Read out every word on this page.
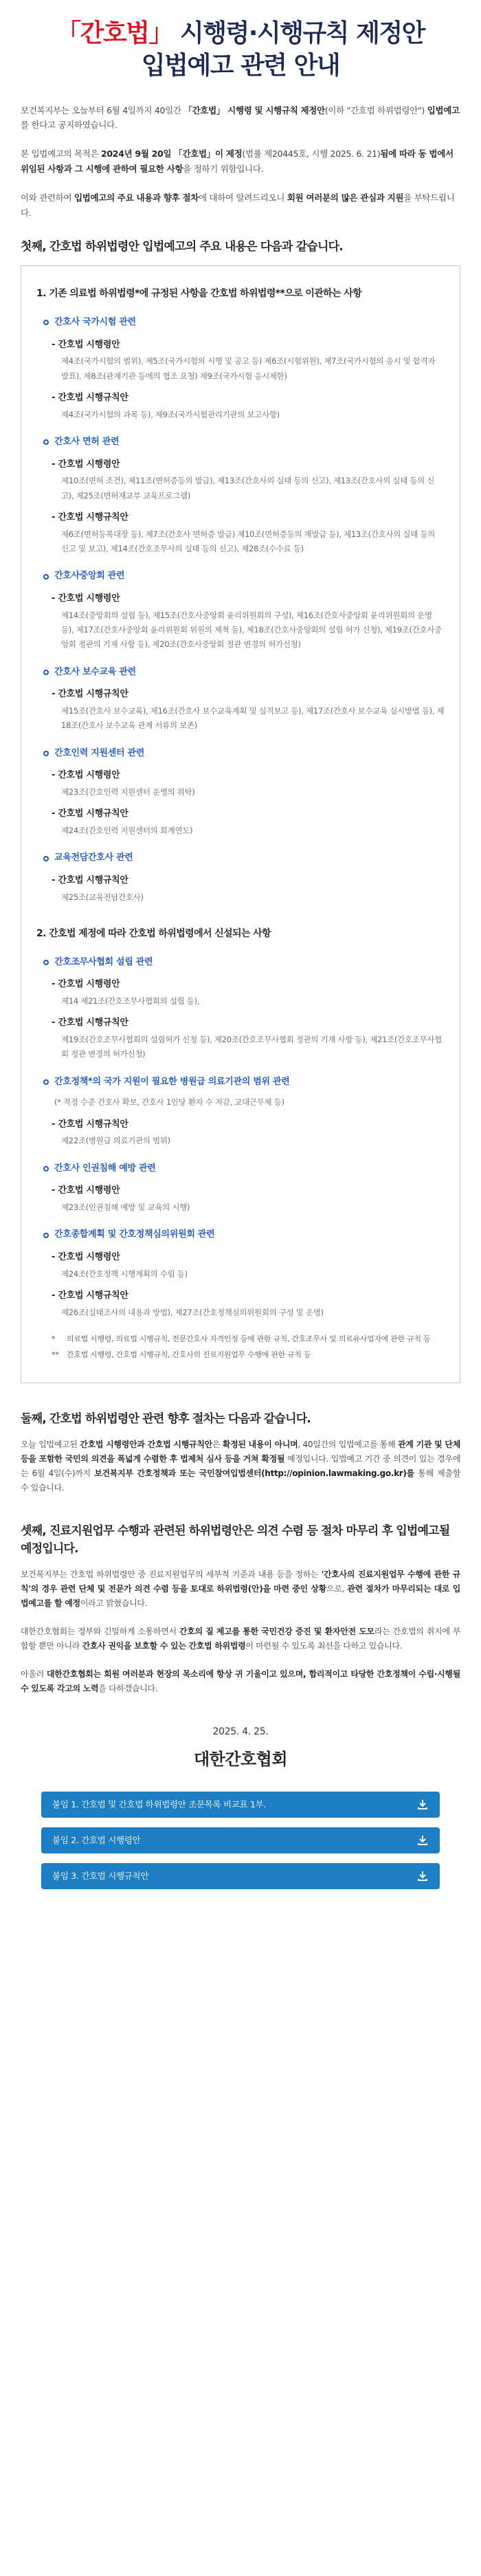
「간호법」 시행령·시행규칙 제정안
입법예고 관련 안내

보건복지부는 오늘부터 6월 4일까지 40일간 「간호법」 시행령 및 시행규칙 제정안(이하 "간호법 하위법령안") 입법예고를 한다고 공지하였습니다.

본 입법예고의 목적은 2024년 9월 20일 「간호법」이 제정(법률 제20445호, 시행 2025. 6. 21)됨에 따라 동 법에서 위임된 사항과 그 시행에 관하여 필요한 사항을 정하기 위함입니다.

이와 관련하여 입법예고의 주요 내용과 향후 절차에 대하여 알려드리오니 회원 여러분의 많은 관심과 지원을 부탁드립니다.

첫째, 간호법 하위법령안 입법예고의 주요 내용은 다음과 같습니다.
1. 기존 의료법 하위법령*에 규정된 사항을 간호법 하위법령**으로 이관하는 사항
간호사 국가시험 관련
- 간호법 시행령안
제4조(국가시험의 범위), 제5조(국가시험의 시행 및 공고 등) 제6조(시험위원), 제7조(국가시험의 응시 및 합격자 발표), 제8조(관계기관 등에의 협조 요청) 제9조(국가시험 응시제한)
- 간호법 시행규칙안
제4조(국가시험의 과목 등), 제9조(국가시험관리기관의 보고사항)
간호사 면허 관련
- 간호법 시행령안
제10조(면허 조건), 제11조(면허증등의 발급), 제13조(간호사의 실태 등의 신고), 제13조(간호사의 실태 등의 신고), 제25조(면허재교부 교육프로그램)
- 간호법 시행규칙안
제6조(면허등록대장 등), 제7조(간호사 면허증 발급) 제10조(면허증등의 재발급 등), 제13조(간호사의 실태 등의 신고 및 보고), 제14조(간호조무사의 실태 등의 신고), 제28조(수수료 등)
간호사중앙회 관련
- 간호법 시행령안
제14조(중앙회의 설립 등), 제15조(간호사중앙회 윤리위원회의 구성), 제16조(간호사중앙회 윤리위원회의 운영 등), 제17조(간호사중앙회 윤리위원회 위원의 제척 등), 제18조(간호사중앙회의 설립 허가 신청), 제19조(간호사중앙회 정관의 기재 사항 등), 제20조(간호사중앙회 정관 변경의 허가신청)
간호사 보수교육 관련
- 간호법 시행규칙안
제15조(간호사 보수교육), 제16조(간호사 보수교육계획 및 실적보고 등), 제17조(간호사 보수교육 실시방법 등), 제18조(간호사 보수교육 관계 서류의 보존)
간호인력 지원센터 관련
- 간호법 시행령안
제23조(간호인력 지원센터 운영의 위탁)
- 간호법 시행규칙안
제24조(간호인력 지원센터의 회계연도)
교육전담간호사 관련
- 간호법 시행규칙안
제25조(교육전담간호사)
2. 간호법 제정에 따라 간호법 하위법령에서 신설되는 사항
간호조무사협회 설립 관련
- 간호법 시행령안
제14 제21조(간호조무사협회의 설립 등),
- 간호법 시행규칙안
제19조(간호조무사협회의 설립허가 신청 등), 제20조(간호조무사협회 정관의 기재 사항 등), 제21조(간호조무사협회 정관 변경의 허가신청)
간호정책*의 국가 지원이 필요한 병원급 의료기관의 범위 관련
(* 적정 수준 간호사 확보, 간호사 1인당 환자 수 저감, 교대근무제 등)
- 간호법 시행규칙안
제22조(병원급 의료기관의 범위)
간호사 인권침해 예방 관련
- 간호법 시행령안
제23조(인권침해 예방 및 교육의 시행)
간호종합계획 및 간호정책심의위원회 관련
- 간호법 시행령안
제24조(간호정책 시행계획의 수립 등)
- 간호법 시행규칙안
제26조(실태조사의 내용과 방법), 제27조(간호정책심의위원회의 구성 및 운영)
*	의료법 시행령, 의료법 시행규칙, 전문간호사 자격인정 등에 관한 규칙, 간호조무사 및 의료유사업자에 관한 규칙 등
**	간호법 시행령, 간호법 시행규칙, 간호사의 진료지원업무 수행에 관한 규칙 등
둘째, 간호법 하위법령안 관련 향후 절차는 다음과 같습니다.

오늘 입법예고된 간호법 시행령안과 간호법 시행규칙안은 확정된 내용이 아니며, 40일간의 입법예고를 통해 관계 기관 및 단체 등을 포함한 국민의 의견을 폭넓게 수렴한 후 법제처 심사 등을 거쳐 확정될 예정입니다. 입법예고 기간 중 의견이 있는 경우에는 6월 4일(수)까지 보건복지부 간호정책과 또는 국민참여입법센터(http://opinion.lawmaking.go.kr)를 통해 제출할 수 있습니다.

셋째, 진료지원업무 수행과 관련된 하위법령안은 의견 수렴 등 절차 마무리 후 입법예고될 예정입니다.

보건복지부는 간호법 하위법령안 중 진료지원업무의 세부적 기준과 내용 등을 정하는 '간호사의 진료지원업무 수행에 관한 규칙'의 경우 관련 단체 및 전문가 의견 수렴 등을 토대로 하위법령(안)을 마련 중인 상황으로, 관련 절차가 마무리되는 대로 입법예고를 할 예정이라고 밝혔습니다.

대한간호협회는 정부와 긴밀하게 소통하면서 간호의 질 제고를 통한 국민건강 증진 및 환자안전 도모라는 간호법의 취지에 부합할 뿐만 아니라 간호사 권익을 보호할 수 있는 간호법 하위법령이 마련될 수 있도록 최선을 다하고 있습니다.

아울러 대한간호협회는 회원 여러분과 현장의 목소리에 항상 귀 기울이고 있으며, 합리적이고 타당한 간호정책이 수립·시행될 수 있도록 각고의 노력을 다하겠습니다.

2025. 4. 25.
대한간호협회
붙임 1. 간호법 및 간호법 하위법령안 조문목록 비교표 1부.
붙임 2. 간호법 시행령안
붙임 3. 간호법 시행규칙안
